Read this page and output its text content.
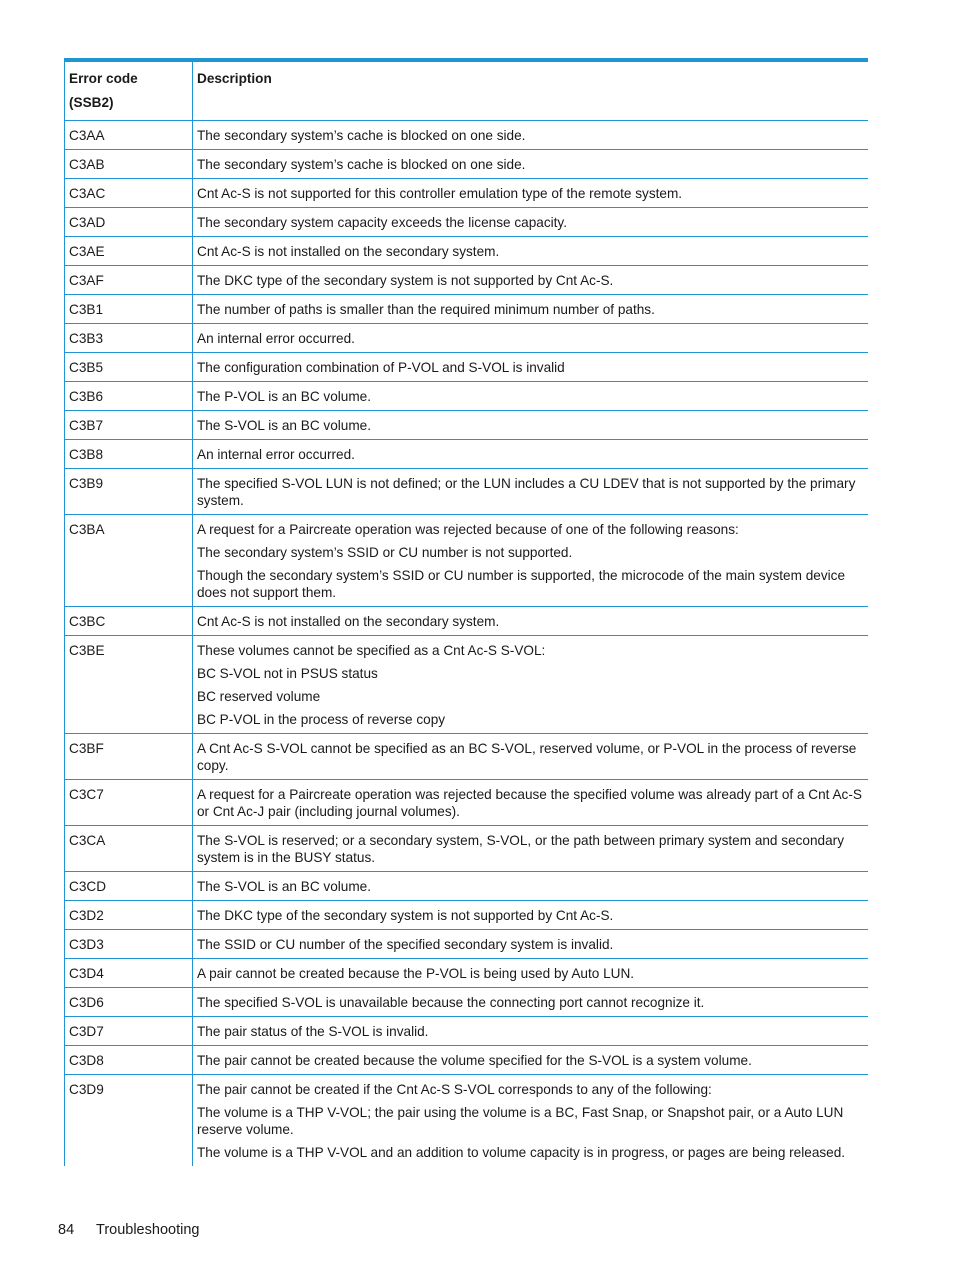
Error code
(SSB2)	Description
C3AA	The secondary system’s cache is blocked on one side.

C3AB	The secondary system’s cache is blocked on one side.

C3AC	Cnt Ac-S is not supported for this controller emulation type of the remote system.

C3AD	The secondary system capacity exceeds the license capacity.

C3AE	Cnt Ac-S is not installed on the secondary system.

C3AF	The DKC type of the secondary system is not supported by Cnt Ac-S.

C3B1	The number of paths is smaller than the required minimum number of paths.

C3B3	An internal error occurred.

C3B5	The configuration combination of P-VOL and S-VOL is invalid

C3B6	The P-VOL is an BC volume.

C3B7	The S-VOL is an BC volume.

C3B8	An internal error occurred.

C3B9	The specified S-VOL LUN is not defined; or the LUN includes a CU LDEV that is not supported by the primary system.

C3BA	A request for a Paircreate operation was rejected because of one of the following reasons:

The secondary system’s SSID or CU number is not supported.

Though the secondary system’s SSID or CU number is supported, the microcode of the main system device does not support them.

C3BC	Cnt Ac-S is not installed on the secondary system.

C3BE	These volumes cannot be specified as a Cnt Ac-S S-VOL:

BC S-VOL not in PSUS status

BC reserved volume

BC P-VOL in the process of reverse copy

C3BF	A Cnt Ac-S S-VOL cannot be specified as an BC S-VOL, reserved volume, or P-VOL in the process of reverse copy.

C3C7	A request for a Paircreate operation was rejected because the specified volume was already part of a Cnt Ac-S or Cnt Ac-J pair (including journal volumes).

C3CA	The S-VOL is reserved; or a secondary system, S-VOL, or the path between primary system and secondary system is in the BUSY status.

C3CD	The S-VOL is an BC volume.

C3D2	The DKC type of the secondary system is not supported by Cnt Ac-S.

C3D3	The SSID or CU number of the specified secondary system is invalid.

C3D4	A pair cannot be created because the P-VOL is being used by Auto LUN.

C3D6	The specified S-VOL is unavailable because the connecting port cannot recognize it.

C3D7	The pair status of the S-VOL is invalid.

C3D8	The pair cannot be created because the volume specified for the S-VOL is a system volume.

C3D9	The pair cannot be created if the Cnt Ac-S S-VOL corresponds to any of the following:

The volume is a THP V-VOL; the pair using the volume is a BC, Fast Snap, or Snapshot pair, or a Auto LUN reserve volume.

The volume is a THP V-VOL and an addition to volume capacity is in progress, or pages are being released.

84 Troubleshooting
